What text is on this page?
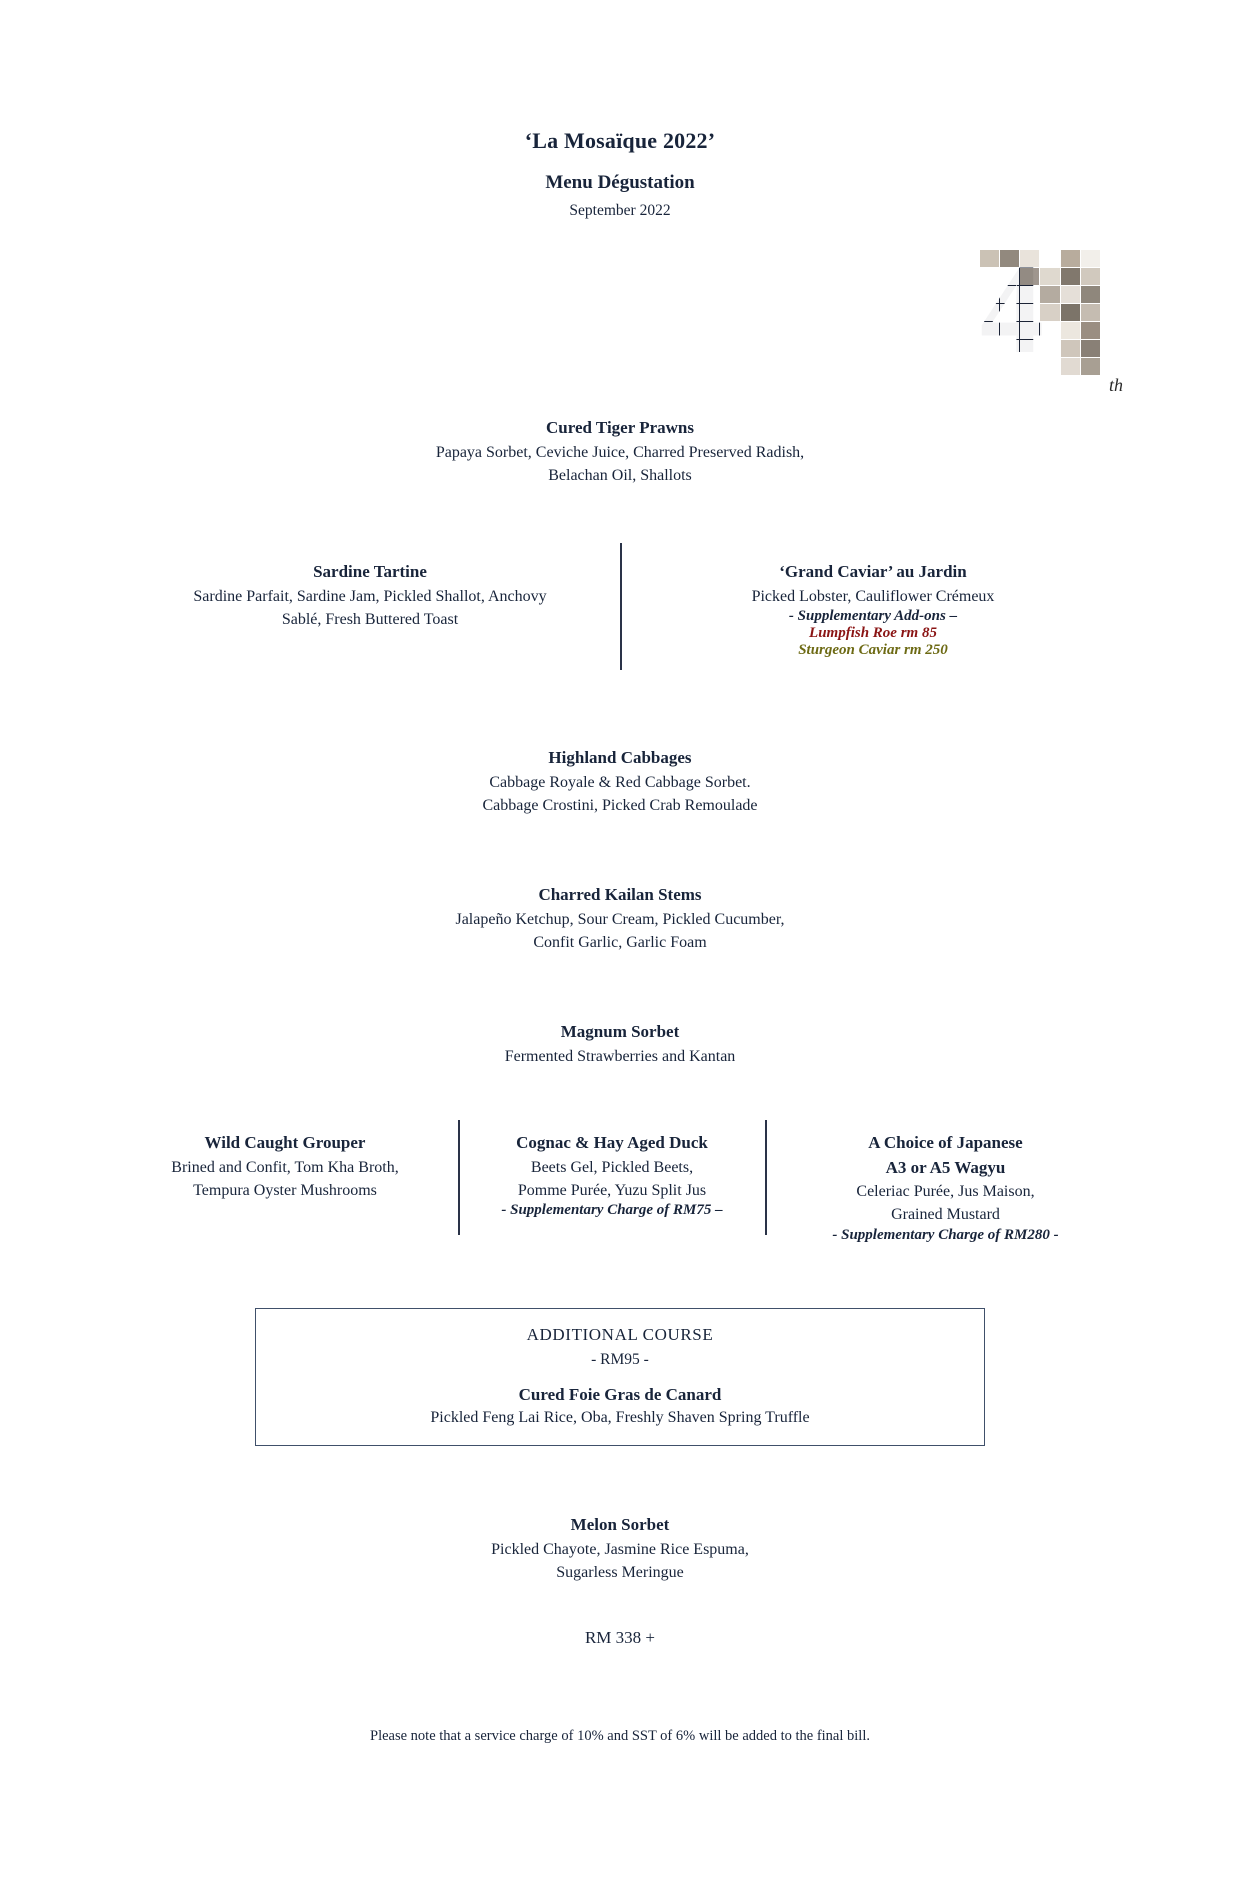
‘La Mosaïque 2022’
Menu Dégustation
September 2022
th
Cured Tiger Prawns
Papaya Sorbet, Ceviche Juice, Charred Preserved Radish,
Belachan Oil, Shallots
Sardine Tartine
Sardine Parfait, Sardine Jam, Pickled Shallot, Anchovy
Sablé, Fresh Buttered Toast
‘Grand Caviar’ au Jardin
Picked Lobster, Cauliflower Crémeux
- Supplementary Add-ons –
Lumpfish Roe rm 85
Sturgeon Caviar rm 250
Highland Cabbages
Cabbage Royale & Red Cabbage Sorbet.
Cabbage Crostini, Picked Crab Remoulade
Charred Kailan Stems
Jalapeño Ketchup, Sour Cream, Pickled Cucumber,
Confit Garlic, Garlic Foam
Magnum Sorbet
Fermented Strawberries and Kantan
Wild Caught Grouper
Brined and Confit, Tom Kha Broth,
Tempura Oyster Mushrooms
Cognac & Hay Aged Duck
Beets Gel, Pickled Beets,
Pomme Purée, Yuzu Split Jus
- Supplementary Charge of RM75 –
A Choice of Japanese
A3 or A5 Wagyu
Celeriac Purée, Jus Maison,
Grained Mustard
- Supplementary Charge of RM280 -
ADDITIONAL COURSE
- RM95 -
Cured Foie Gras de Canard
Pickled Feng Lai Rice, Oba, Freshly Shaven Spring Truffle
Melon Sorbet
Pickled Chayote, Jasmine Rice Espuma,
Sugarless Meringue
RM 338 +
Please note that a service charge of 10% and SST of 6% will be added to the final bill.
